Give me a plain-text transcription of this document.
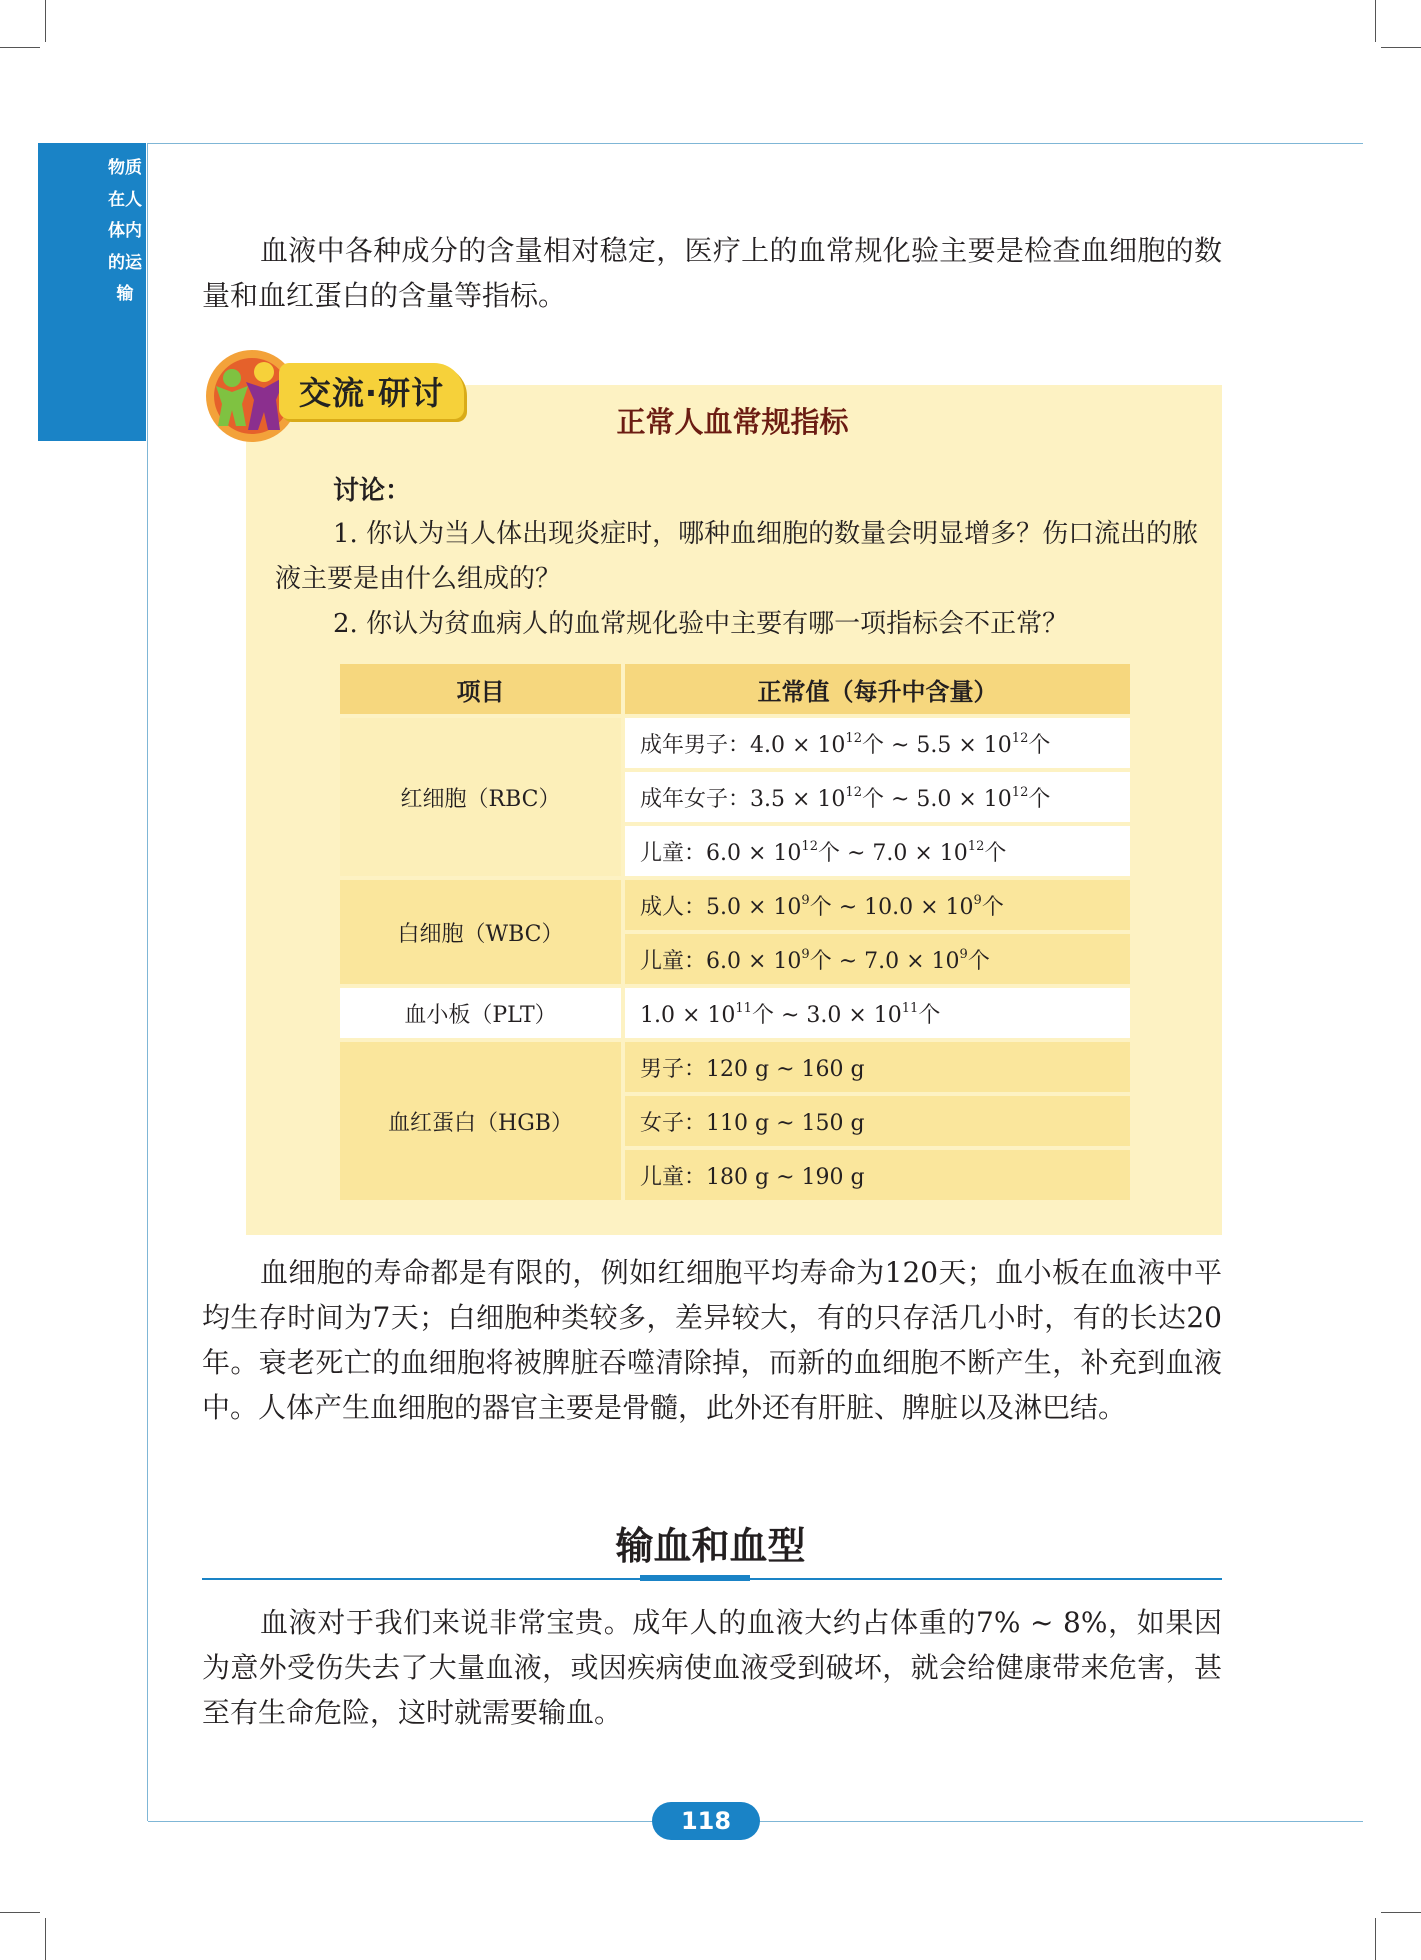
物质在人体内的运输

血液中各种成分的含量相对稳定，医疗上的血常规化验主要是检查血细胞的数量和血红蛋白的含量等指标。

交流·研讨
正常人血常规指标
讨论：

1. 你认为当人体出现炎症时，哪种血细胞的数量会明显增多？伤口流出的脓液主要是由什么组成的？

2. 你认为贫血病人的血常规化验中主要有哪一项指标会不正常？

项目	正常值（每升中含量）
红细胞（RBC）	成年男子：$4.0 \times 10^{12}$个 ~ $5.5 \times 10^{12}$个
	成年女子：$3.5 \times 10^{12}$个 ~ $5.0 \times 10^{12}$个
	儿童：$6.0 \times 10^{12}$个 ~ $7.0 \times 10^{12}$个
白细胞（WBC）	成人：$5.0 \times 10^9$个 ~ $10.0 \times 10^9$个
	儿童：$6.0 \times 10^9$个 ~ $7.0 \times 10^9$个
血小板（PLT）	$1.0 \times 10^{11}$个 ~ $3.0 \times 10^{11}$个
血红蛋白（HGB）	男子：120 g ~ 160 g
	女子：110 g ~ 150 g
	儿童：180 g ~ 190 g

血细胞的寿命都是有限的，例如红细胞平均寿命为120天；血小板在血液中平均生存时间为7天；白细胞种类较多，差异较大，有的只存活几小时，有的长达20年。衰老死亡的血细胞将被脾脏吞噬清除掉，而新的血细胞不断产生，补充到血液中。人体产生血细胞的器官主要是骨髓，此外还有肝脏、脾脏以及淋巴结。

输血和血型

血液对于我们来说非常宝贵。成年人的血液大约占体重的7% ~ 8%，如果因为意外受伤失去了大量血液，或因疾病使血液受到破坏，就会给健康带来危害，甚至有生命危险，这时就需要输血。

118
